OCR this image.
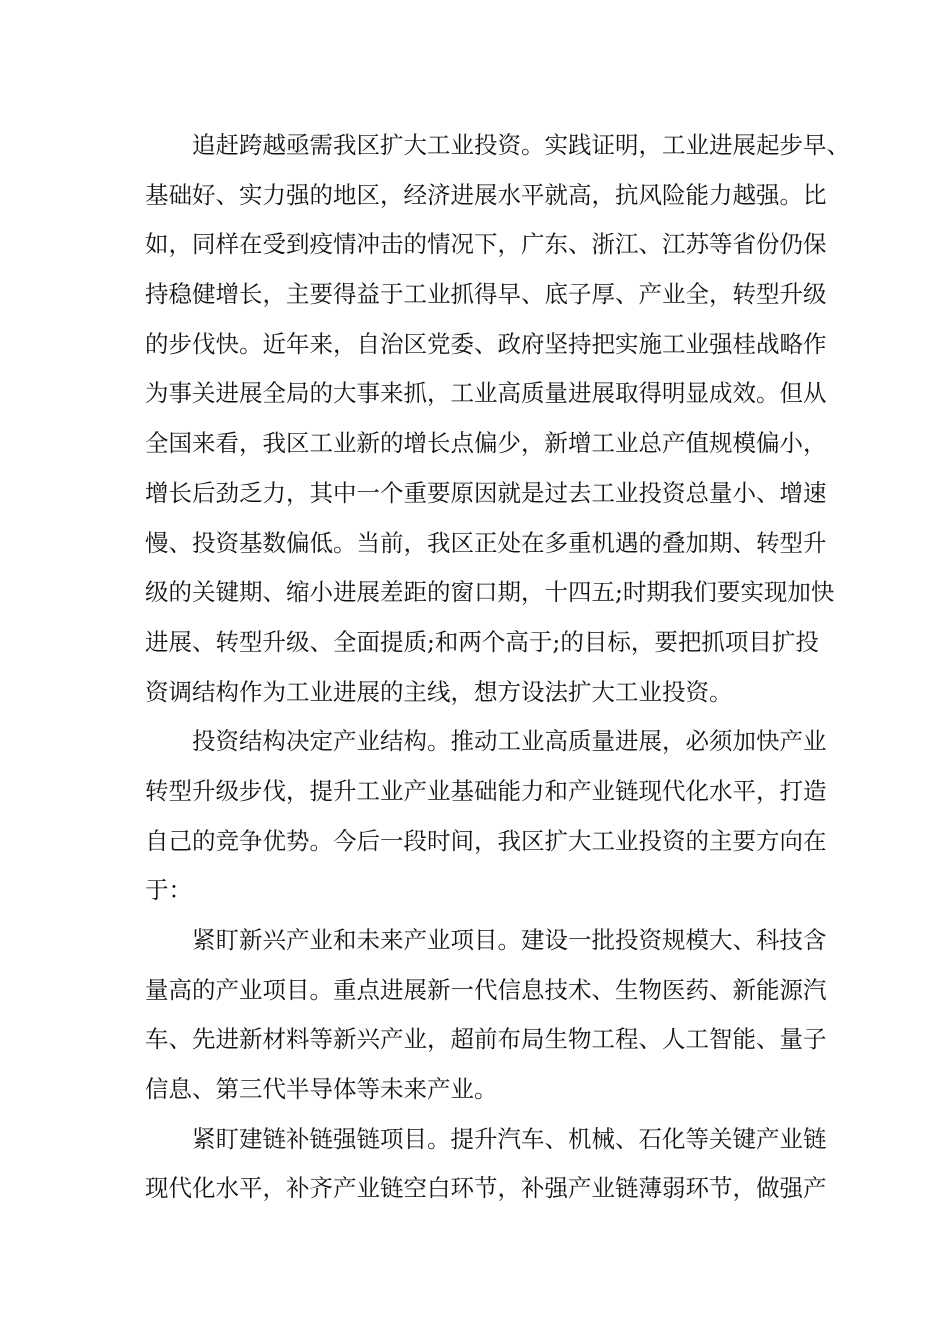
追赶跨越亟需我区扩大工业投资。实践证明，工业进展起步早、
基础好、实力强的地区，经济进展水平就高，抗风险能力越强。比
如，同样在受到疫情冲击的情况下，广东、浙江、江苏等省份仍保
持稳健增长，主要得益于工业抓得早、底子厚、产业全，转型升级
的步伐快。近年来，自治区党委、政府坚持把实施工业强桂战略作
为事关进展全局的大事来抓，工业高质量进展取得明显成效。但从
全国来看，我区工业新的增长点偏少，新增工业总产值规模偏小，
增长后劲乏力，其中一个重要原因就是过去工业投资总量小、增速
慢、投资基数偏低。当前，我区正处在多重机遇的叠加期、转型升
级的关键期、缩小进展差距的窗口期，十四五;时期我们要实现加快
进展、转型升级、全面提质;和两个高于;的目标，要把抓项目扩投
资调结构作为工业进展的主线，想方设法扩大工业投资。
投资结构决定产业结构。推动工业高质量进展，必须加快产业
转型升级步伐，提升工业产业基础能力和产业链现代化水平，打造
自己的竞争优势。今后一段时间，我区扩大工业投资的主要方向在
于：
紧盯新兴产业和未来产业项目。建设一批投资规模大、科技含
量高的产业项目。重点进展新一代信息技术、生物医药、新能源汽
车、先进新材料等新兴产业，超前布局生物工程、人工智能、量子
信息、第三代半导体等未来产业。
紧盯建链补链强链项目。提升汽车、机械、石化等关键产业链
现代化水平，补齐产业链空白环节，补强产业链薄弱环节，做强产
